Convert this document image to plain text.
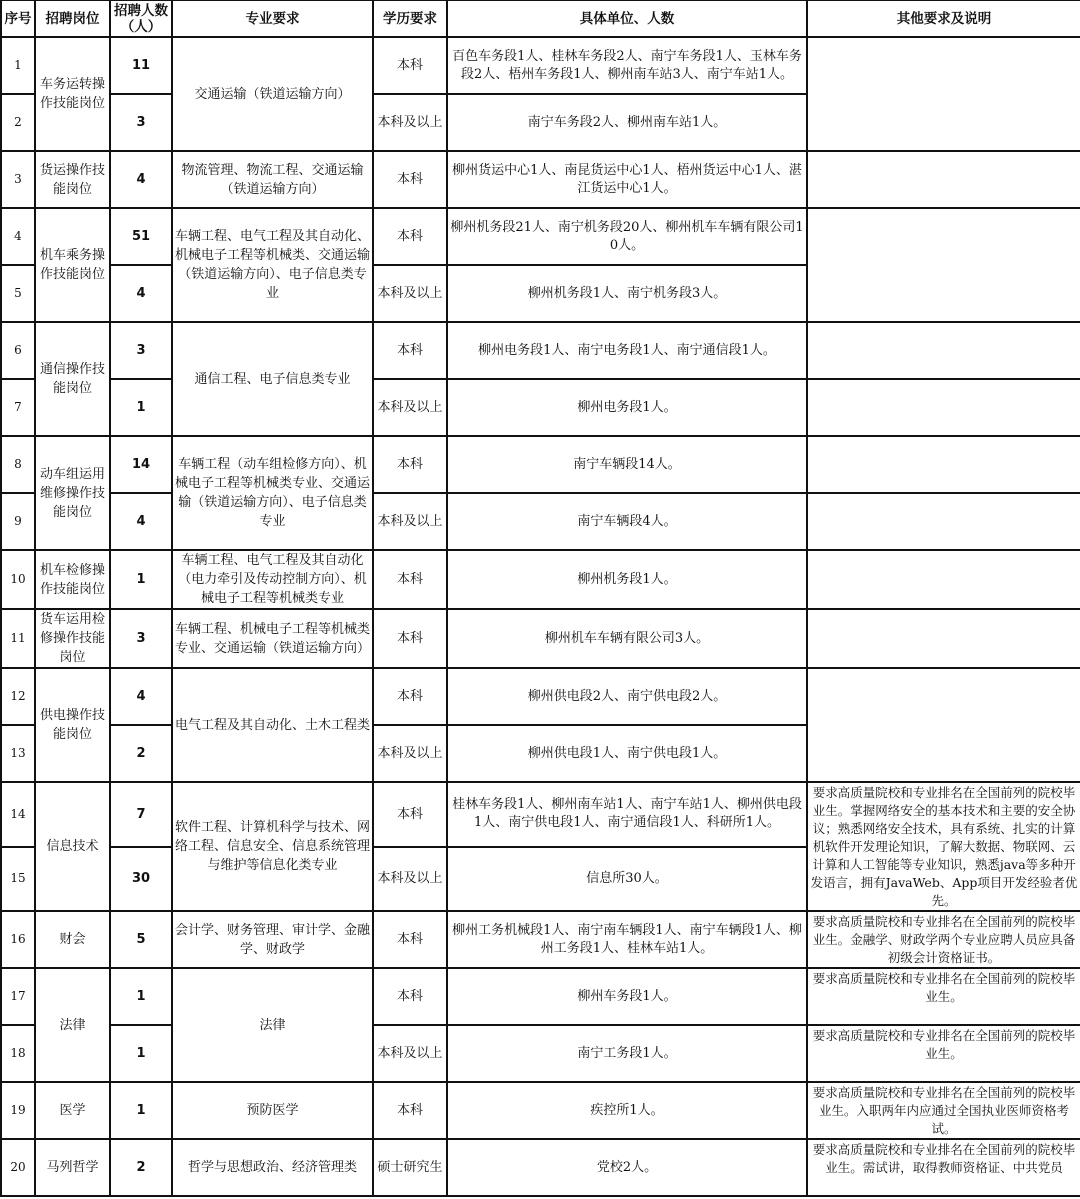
序号	招聘岗位	招聘人数（人）	专业要求	学历要求	具体单位、人数	其他要求及说明
1	车务运转操作技能岗位	11	交通运输（铁道运输方向）	本科	百色车务段1人、桂林车务段2人、南宁车务段1人、玉林车务段2人、梧州车务段1人、柳州南车站3人、南宁车站1人。	
2		3		本科及以上	南宁车务段2人、柳州南车站1人。	
3	货运操作技能岗位	4	物流管理、物流工程、交通运输（铁道运输方向）	本科	柳州货运中心1人、南昆货运中心1人、梧州货运中心1人、湛江货运中心1人。	
4	机车乘务操作技能岗位	51	车辆工程、电气工程及其自动化、机械电子工程等机械类、交通运输（铁道运输方向）、电子信息类专业	本科	柳州机务段21人、南宁机务段20人、柳州机车车辆有限公司10人。	
5		4		本科及以上	柳州机务段1人、南宁机务段3人。	
6	通信操作技能岗位	3	通信工程、电子信息类专业	本科	柳州电务段1人、南宁电务段1人、南宁通信段1人。	
7		1		本科及以上	柳州电务段1人。	
8	动车组运用维修操作技能岗位	14	车辆工程（动车组检修方向）、机械电子工程等机械类专业、交通运输（铁道运输方向）、电子信息类专业	本科	南宁车辆段14人。	
9		4		本科及以上	南宁车辆段4人。	
10	机车检修操作技能岗位	1	车辆工程、电气工程及其自动化（电力牵引及传动控制方向）、机械电子工程等机械类专业	本科	柳州机务段1人。	
11	货车运用检修操作技能岗位	3	车辆工程、机械电子工程等机械类专业、交通运输（铁道运输方向）	本科	柳州机车车辆有限公司3人。	
12	供电操作技能岗位	4	电气工程及其自动化、土木工程类	本科	柳州供电段2人、南宁供电段2人。	
13		2		本科及以上	柳州供电段1人、南宁供电段1人。	
14	信息技术	7	软件工程、计算机科学与技术、网络工程、信息安全、信息系统管理与维护等信息化类专业	本科	桂林车务段1人、柳州南车站1人、南宁车站1人、柳州供电段1人、南宁供电段1人、南宁通信段1人、科研所1人。	要求高质量院校和专业排名在全国前列的院校毕业生。掌握网络安全的基本技术和主要的安全协议；熟悉网络安全技术，具有系统、扎实的计算机软件开发理论知识，了解大数据、物联网、云计算和人工智能等专业知识，熟悉java等多种开发语言，拥有JavaWeb、App项目开发经验者优先。
15		30		本科及以上	信息所30人。	
16	财会	5	会计学、财务管理、审计学、金融学、财政学	本科	柳州工务机械段1人、南宁南车辆段1人、南宁车辆段1人、柳州工务段1人、桂林车站1人。	要求高质量院校和专业排名在全国前列的院校毕业生。金融学、财政学两个专业应聘人员应具备初级会计资格证书。
17	法律	1	法律	本科	柳州车务段1人。	要求高质量院校和专业排名在全国前列的院校毕业生。
18		1		本科及以上	南宁工务段1人。	要求高质量院校和专业排名在全国前列的院校毕业生。
19	医学	1	预防医学	本科	疾控所1人。	要求高质量院校和专业排名在全国前列的院校毕业生。入职两年内应通过全国执业医师资格考试。
20	马列哲学	2	哲学与思想政治、经济管理类	硕士研究生	党校2人。	要求高质量院校和专业排名在全国前列的院校毕业生。需试讲，取得教师资格证、中共党员
